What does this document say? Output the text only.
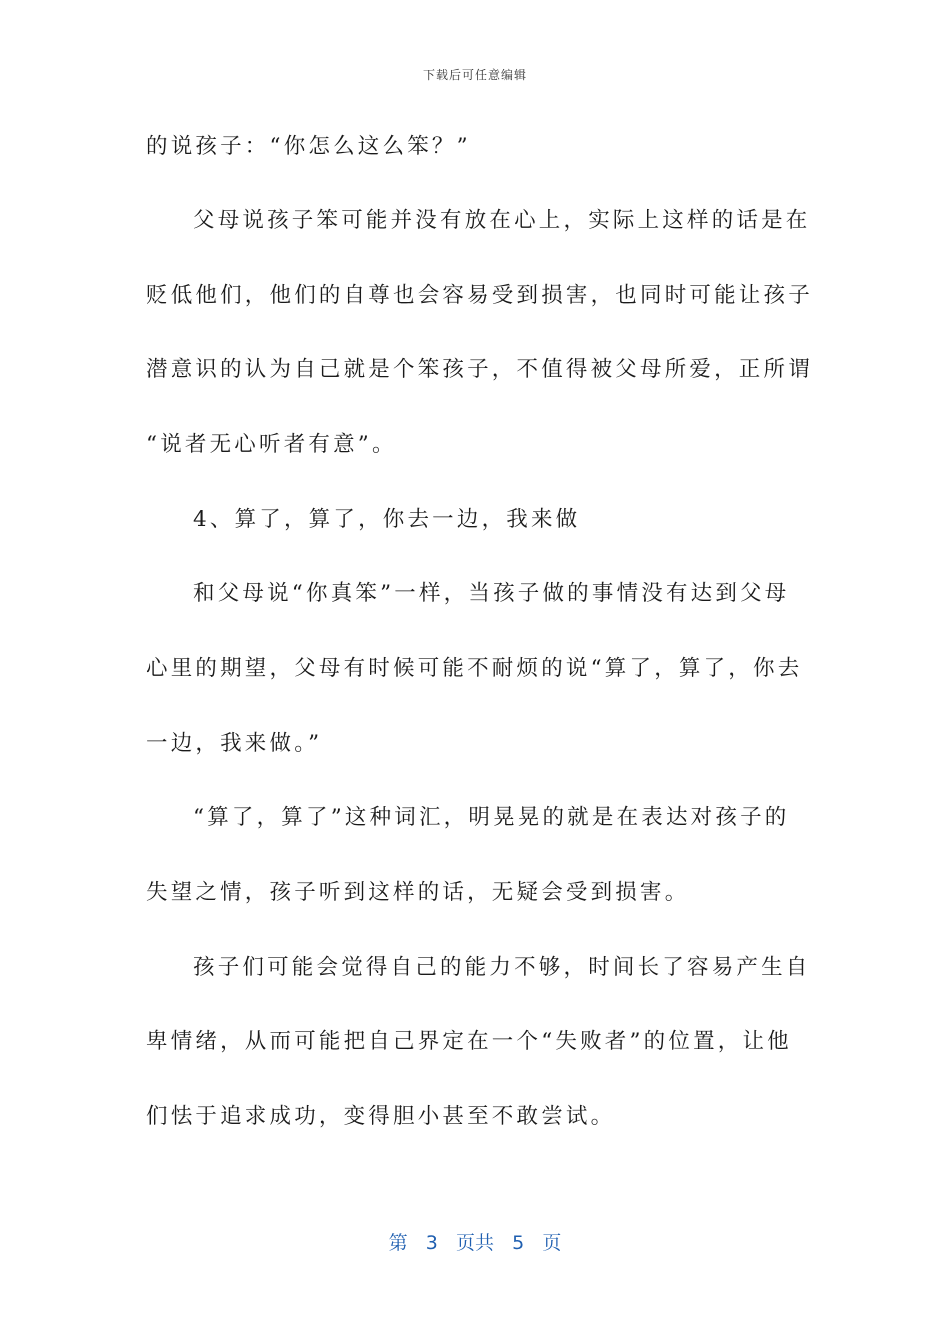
下载后可任意编辑
的说孩子：“你怎么这么笨？”
父母说孩子笨可能并没有放在心上，实际上这样的话是在
贬低他们，他们的自尊也会容易受到损害，也同时可能让孩子
潜意识的认为自己就是个笨孩子，不值得被父母所爱，正所谓
“说者无心听者有意”。
4、算了，算了，你去一边，我来做
和父母说“你真笨”一样，当孩子做的事情没有达到父母
心里的期望，父母有时候可能不耐烦的说“算了，算了，你去
一边，我来做。”
“算了，算了”这种词汇，明晃晃的就是在表达对孩子的
失望之情，孩子听到这样的话，无疑会受到损害。
孩子们可能会觉得自己的能力不够，时间长了容易产生自
卑情绪，从而可能把自己界定在一个“失败者”的位置，让他
们怯于追求成功，变得胆小甚至不敢尝试。
第 3 页共 5 页
